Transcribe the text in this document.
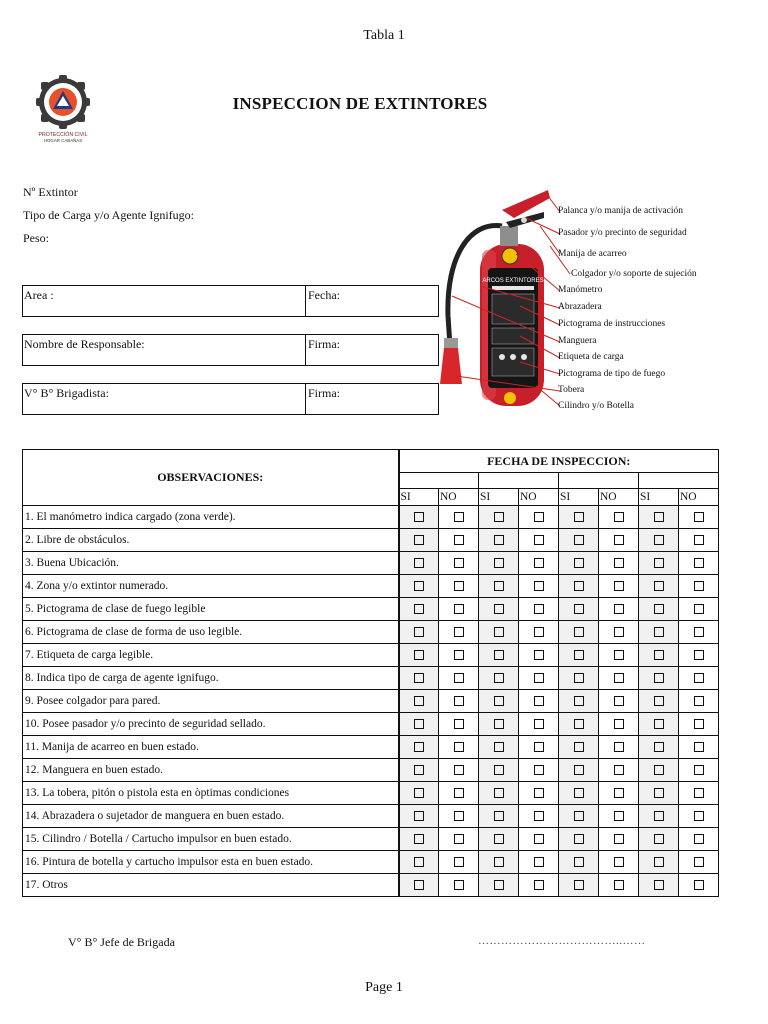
Tabla 1
PROTECCIÓN CIVIL
HOGAR CABAÑAS
INSPECCION DE EXTINTORES
Nº Extintor
Tipo de Carga y/o Agente Ignifugo:
Peso:
Area :	Fecha:
Nombre de Responsable:	Firma:
V° B° Brigadista:	Firma:
ARCOS EXTINTORES
Palanca y/o manija de activación
Pasador y/o precinto de seguridad
Manija de acarreo
Colgador y/o soporte de sujeción
Manómetro
Abrazadera
Pictograma de instrucciones
Manguera
Etiqueta de carga
Pictograma de tipo de fuego
Tobera
Cilindro y/o Botella
OBSERVACIONES:	FECHA DE INSPECCION:							

	SI	NO	SI	NO	SI	NO	SI	NO
1. El manómetro indica cargado (zona verde).								
2. Libre de obstáculos.								
3. Buena Ubicación.								
4. Zona y/o extintor numerado.								
5. Pictograma de clase de fuego legible								
6. Pictograma de clase de forma de uso legible.								
7. Etiqueta de carga legible.								
8. Indica tipo de carga de agente ignifugo.								
9. Posee colgador para pared.								
10. Posee pasador y/o precinto de seguridad sellado.								
11. Manija de acarreo en buen estado.								
12. Manguera en buen estado.								
13. La tobera, pitón o pistola esta en òptimas condiciones								
14. Abrazadera o sujetador de manguera en buen estado.								
15. Cilindro / Botella / Cartucho impulsor en buen estado.								
16. Pintura de botella y cartucho impulsor esta en buen estado.								
17. Otros								
V° B° Jefe de Brigada	………………………………..……
Page 1
